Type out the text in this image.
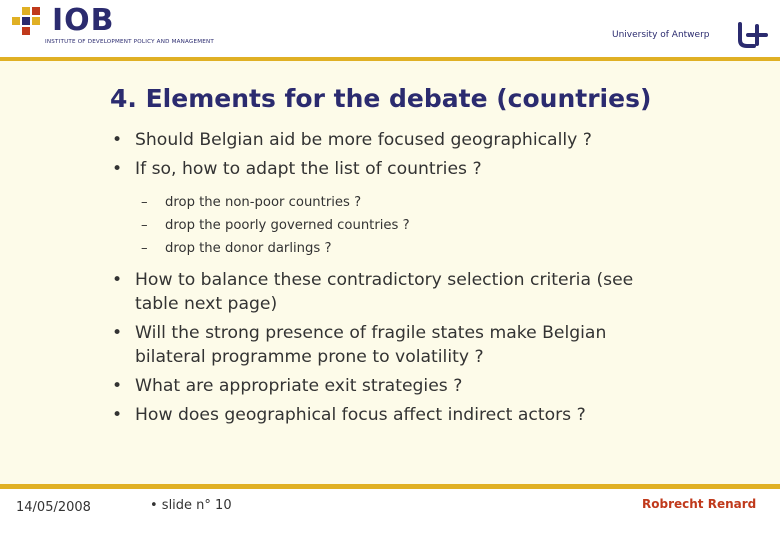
IOB
INSTITUTE OF DEVELOPMENT POLICY AND MANAGEMENT
University of Antwerp
4. Elements for the debate (countries)
• Should Belgian aid be more focused geographically ?
• If so, how to adapt the list of countries ?
– drop the non-poor countries ?
– drop the poorly governed countries ?
– drop the donor darlings ?
• How to balance these contradictory selection criteria (see
table next page)
• Will the strong presence of fragile states make Belgian
bilateral programme prone to volatility ?
• What are appropriate exit strategies ?
• How does geographical focus affect indirect actors ?
14/05/2008	• slide n° 10	Robrecht Renard
